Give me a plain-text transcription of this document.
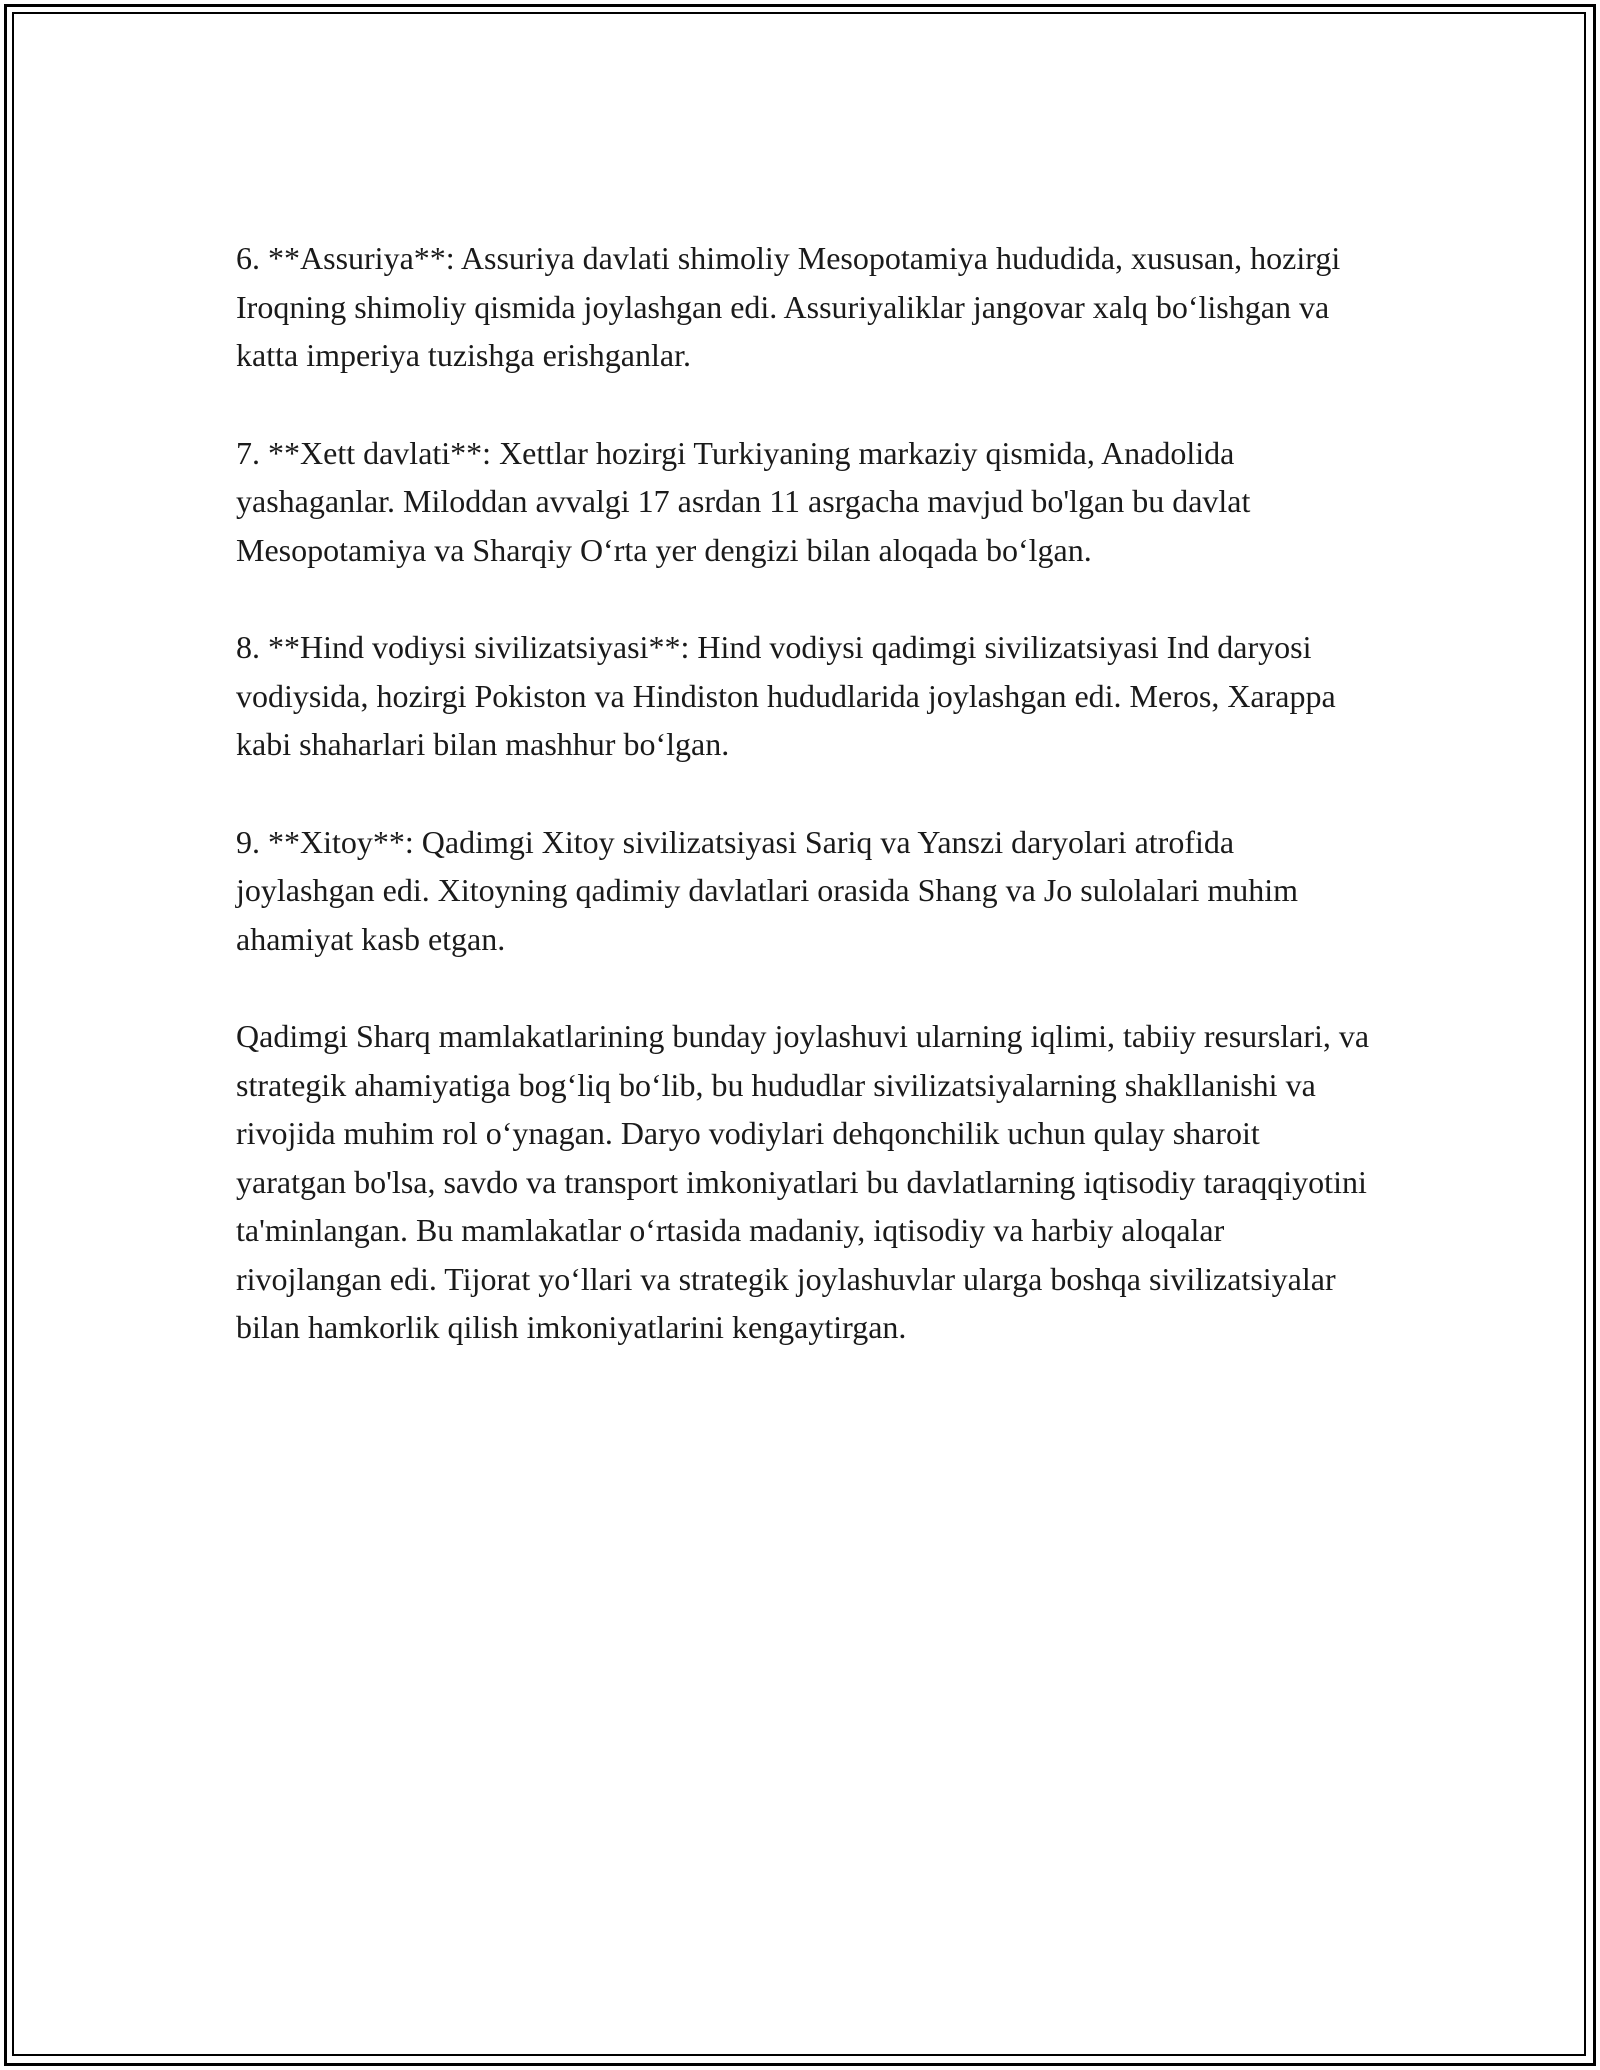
6. **Assuriya**: Assuriya davlati shimoliy Mesopotamiya hududida, xususan, hozirgi Iroqning shimoliy qismida joylashgan edi. Assuriyaliklar jangovar xalq bo‘lishgan va katta imperiya tuzishga erishganlar.

7. **Xett davlati**: Xettlar hozirgi Turkiyaning markaziy qismida, Anadolida yashaganlar. Miloddan avvalgi 17 asrdan 11 asrgacha mavjud bo'lgan bu davlat Mesopotamiya va Sharqiy O‘rta yer dengizi bilan aloqada bo‘lgan.

8. **Hind vodiysi sivilizatsiyasi**: Hind vodiysi qadimgi sivilizatsiyasi Ind daryosi vodiysida, hozirgi Pokiston va Hindiston hududlarida joylashgan edi. Meros, Xarappa kabi shaharlari bilan mashhur bo‘lgan.

9. **Xitoy**: Qadimgi Xitoy sivilizatsiyasi Sariq va Yanszi daryolari atrofida joylashgan edi. Xitoyning qadimiy davlatlari orasida Shang va Jo sulolalari muhim ahamiyat kasb etgan.

Qadimgi Sharq mamlakatlarining bunday joylashuvi ularning iqlimi, tabiiy resurslari, va strategik ahamiyatiga bog‘liq bo‘lib, bu hududlar sivilizatsiyalarning shakllanishi va rivojida muhim rol o‘ynagan. Daryo vodiylari dehqonchilik uchun qulay sharoit yaratgan bo'lsa, savdo va transport imkoniyatlari bu davlatlarning iqtisodiy taraqqiyotini ta'minlangan. Bu mamlakatlar o‘rtasida madaniy, iqtisodiy va harbiy aloqalar rivojlangan edi. Tijorat yo‘llari va strategik joylashuvlar ularga boshqa sivilizatsiyalar bilan hamkorlik qilish imkoniyatlarini kengaytirgan.
